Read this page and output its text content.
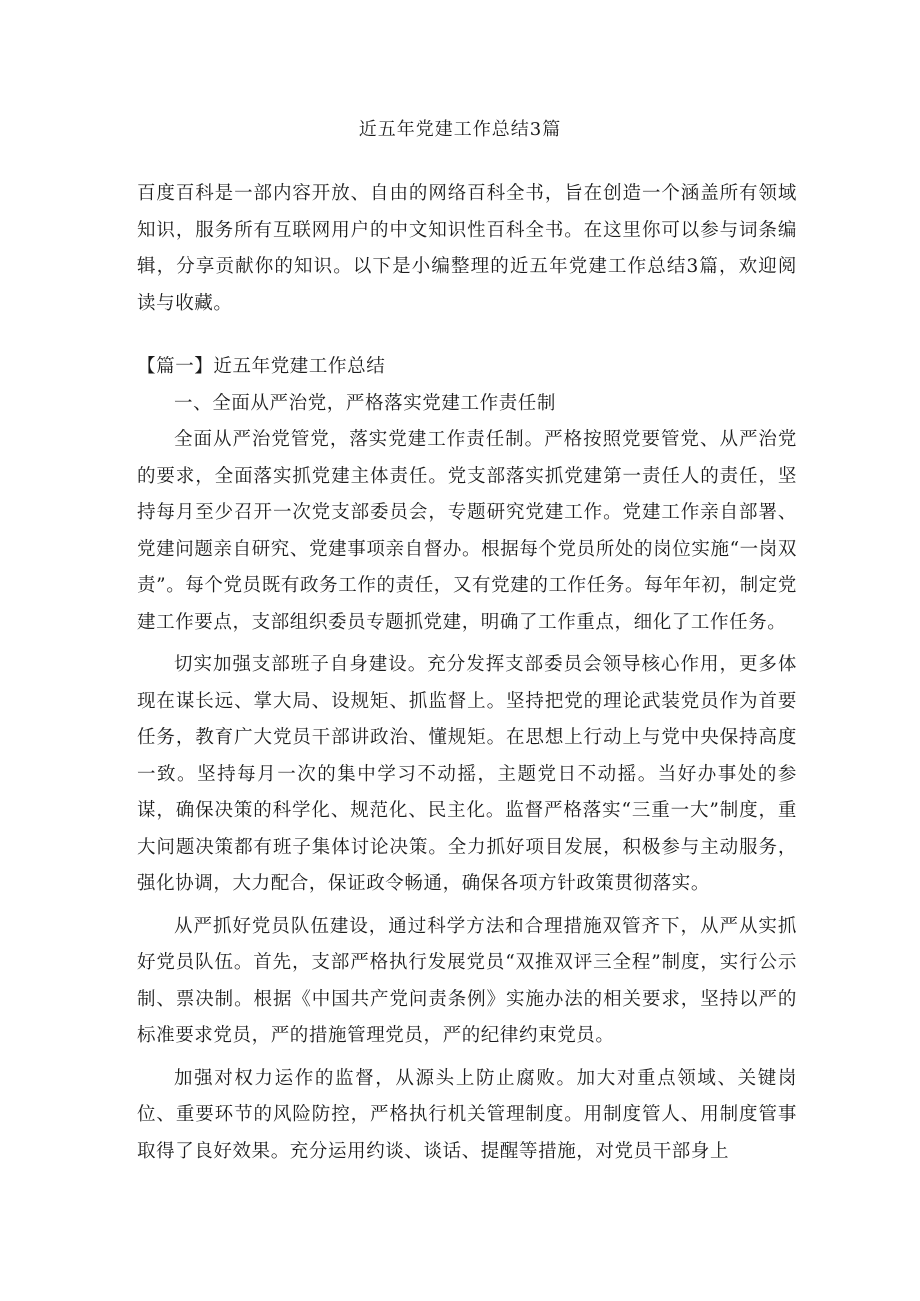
近五年党建工作总结3篇

百度百科是一部内容开放、自由的网络百科全书，旨在创造一个涵盖所有领域知识，服务所有互联网用户的中文知识性百科全书。在这里你可以参与词条编辑，分享贡献你的知识。以下是小编整理的近五年党建工作总结3篇，欢迎阅读与收藏。

【篇一】近五年党建工作总结

一、全面从严治党，严格落实党建工作责任制

全面从严治党管党，落实党建工作责任制。严格按照党要管党、从严治党的要求，全面落实抓党建主体责任。党支部落实抓党建第一责任人的责任，坚持每月至少召开一次党支部委员会，专题研究党建工作。党建工作亲自部署、党建问题亲自研究、党建事项亲自督办。根据每个党员所处的岗位实施“一岗双责”。每个党员既有政务工作的责任，又有党建的工作任务。每年年初，制定党建工作要点，支部组织委员专题抓党建，明确了工作重点，细化了工作任务。

切实加强支部班子自身建设。充分发挥支部委员会领导核心作用，更多体现在谋长远、掌大局、设规矩、抓监督上。坚持把党的理论武装党员作为首要任务，教育广大党员干部讲政治、懂规矩。在思想上行动上与党中央保持高度一致。坚持每月一次的集中学习不动摇，主题党日不动摇。当好办事处的参谋，确保决策的科学化、规范化、民主化。监督严格落实“三重一大”制度，重大问题决策都有班子集体讨论决策。全力抓好项目发展，积极参与主动服务，强化协调，大力配合，保证政令畅通，确保各项方针政策贯彻落实。

从严抓好党员队伍建设，通过科学方法和合理措施双管齐下，从严从实抓好党员队伍。首先，支部严格执行发展党员“双推双评三全程”制度，实行公示制、票决制。根据《中国共产党问责条例》实施办法的相关要求，坚持以严的标准要求党员，严的措施管理党员，严的纪律约束党员。

加强对权力运作的监督，从源头上防止腐败。加大对重点领域、关键岗位、重要环节的风险防控，严格执行机关管理制度。用制度管人、用制度管事取得了良好效果。充分运用约谈、谈话、提醒等措施，对党员干部身上
